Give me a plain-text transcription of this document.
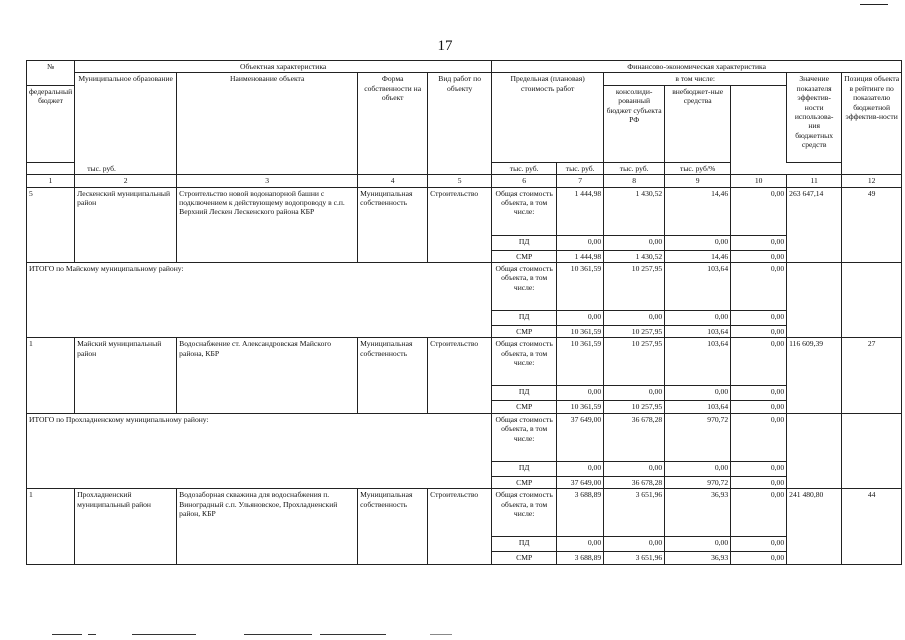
17
№	Объектная характеристика				Финансово-экономическая характеристика						
	Муниципальное образование	Наименование объекта	Форма собственности на объект	Вид работ по объекту	Предельная (плановая) стоимость работ		в том числе:			Значение показателя эффектив-ности использова-ния бюджетных средств	Позиция объекта в рейтинге по показателю бюджетной эффектив-ности
федеральный бюджет							консолиди-рованный бюджет субъекта РФ	внебюджет-ные средства			
тыс. руб.					тыс. руб.	тыс. руб.	тыс. руб.	тыс. руб/%			
1	2	3	4	5	6	7	8	9	10	11	12
5	Лескенский муниципальный район	Строительство новой водонапорной башни с подключением к действующему водопроводу в с.п. Верхний Лескен Лескенского района КБР	Муниципальная собственность	Строительство	Общая стоимость объекта, в том числе:	1 444,98	1 430,52	14,46	0,00	263 647,14	49
					ПД	0,00	0,00	0,00	0,00		
					СМР	1 444,98	1 430,52	14,46	0,00		
ИТОГО по Майскому муниципальному району:					Общая стоимость объекта, в том числе:	10 361,59	10 257,95	103,64	0,00		
					ПД	0,00	0,00	0,00	0,00		
					СМР	10 361,59	10 257,95	103,64	0,00		
1	Майский муниципальный район	Водоснабжение ст. Александровская Майского района, КБР	Муниципальная собственность	Строительство	Общая стоимость объекта, в том числе:	10 361,59	10 257,95	103,64	0,00	116 609,39	27
					ПД	0,00	0,00	0,00	0,00		
					СМР	10 361,59	10 257,95	103,64	0,00		
ИТОГО по Прохладненскому муниципальному району:					Общая стоимость объекта, в том числе:	37 649,00	36 678,28	970,72	0,00		
					ПД	0,00	0,00	0,00	0,00		
					СМР	37 649,00	36 678,28	970,72	0,00		
1	Прохладненский муниципальный район	Водозаборная скважина для водоснабжения п. Виноградный с.п. Ульяновское, Прохладненский район, КБР	Муниципальная собственность	Строительство	Общая стоимость объекта, в том числе:	3 688,89	3 651,96	36,93	0,00	241 480,80	44
					ПД	0,00	0,00	0,00	0,00		
					СМР	3 688,89	3 651,96	36,93	0,00		
